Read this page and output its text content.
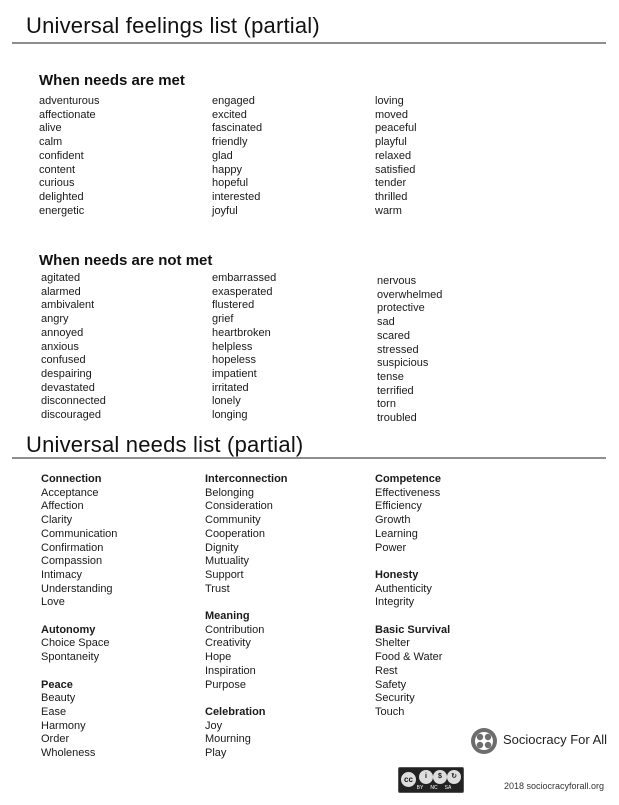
Universal feelings list (partial)
When needs are met
adventurous
affectionate
alive
calm
confident
content
curious
delighted
energetic
engaged
excited
fascinated
friendly
glad
happy
hopeful
interested
joyful
loving
moved
peaceful
playful
relaxed
satisfied
tender
thrilled
warm
When needs are not met
agitated
alarmed
ambivalent
angry
annoyed
anxious
confused
despairing
devastated
disconnected
discouraged
embarrassed
exasperated
flustered
grief
heartbroken
helpless
hopeless
impatient
irritated
lonely
longing
nervous
overwhelmed
protective
sad
scared
stressed
suspicious
tense
terrified
torn
troubled
Universal needs list (partial)
Connection
Acceptance
Affection
Clarity
Communication
Confirmation
Compassion
Intimacy
Understanding
Love
Autonomy
Choice Space
Spontaneity
Peace
Beauty
Ease
Harmony
Order
Wholeness
Interconnection
Belonging
Consideration
Community
Cooperation
Dignity
Mutuality
Support
Trust
Meaning
Contribution
Creativity
Hope
Inspiration
Purpose
Celebration
Joy
Mourning
Play
Competence
Effectiveness
Efficiency
Growth
Learning
Power
Honesty
Authenticity
Integrity
Basic Survival
Shelter
Food & Water
Rest
Safety
Security
Touch
cc	i	$	↻
BY NC SA
Sociocracy For All
2018 sociocracyforall.org
